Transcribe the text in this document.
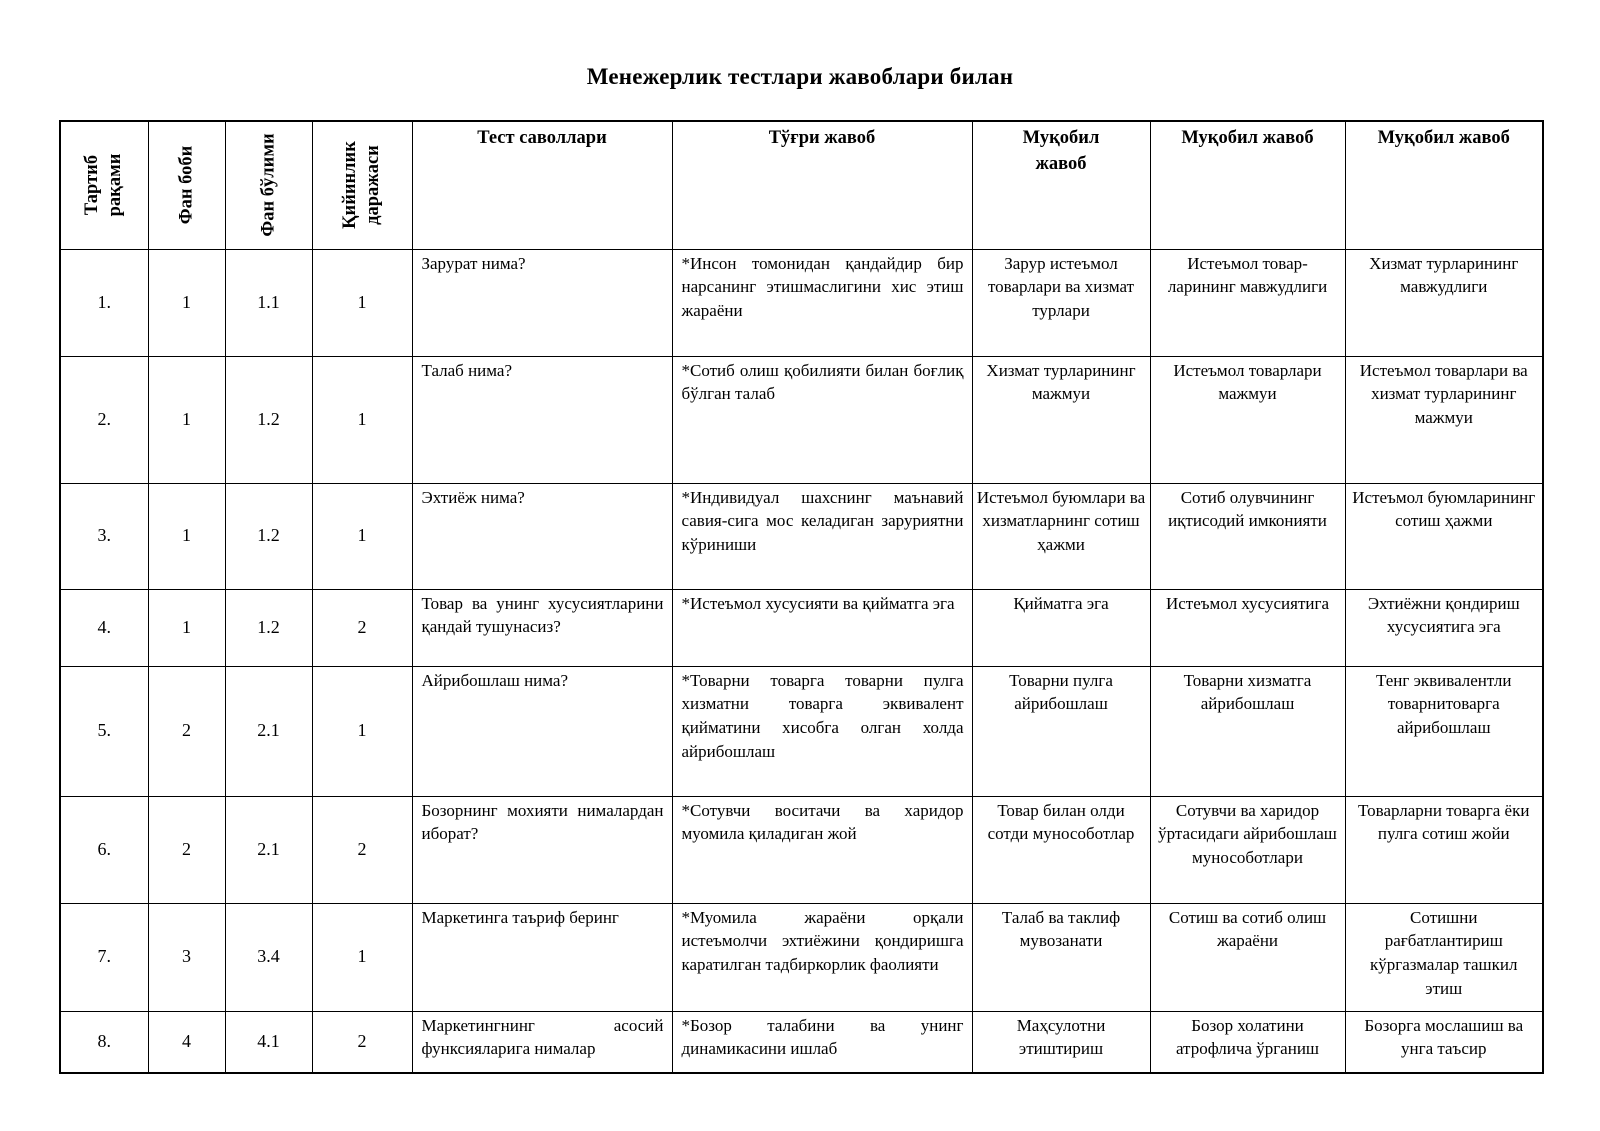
Менежерлик тестлари жавоблари билан
Тартиб рақами	Фан боби	Фан бўлими	Қийинлик даражаси	Тест саволлари	Тўғри жавоб	Муқобил жавоб	Муқобил жавоб	Муқобил жавоб
1.	1	1.1	1	Зарурат нима?	*Инсон томонидан қандайдир бир нарсанинг этишмаслигини хис этиш жараёни	Зарур истеъмол товарлари ва хизмат турлари	Истеъмол товар-ларининг мавжудлиги	Хизмат турларининг мавжудлиги
2.	1	1.2	1	Талаб нима?	*Сотиб олиш қобилияти билан боғлиқ бўлган талаб	Хизмат турларининг мажмуи	Истеъмол товарлари мажмуи	Истеъмол товарлари ва хизмат турларининг мажмуи
3.	1	1.2	1	Эхтиёж нима?	*Индивидуал шахснинг маънавий савия-сига мос келадиган заруриятни кўриниши	Истеъмол буюмлари ва хизматларнинг сотиш ҳажми	Сотиб олувчининг иқтисодий имконияти	Истеъмол буюмларининг сотиш ҳажми
4.	1	1.2	2	Товар ва унинг хусусиятларини қандай тушунасиз?	*Истеъмол хусусияти ва қийматга эга	Қийматга эга	Истеъмол хусусиятига	Эхтиёжни қондириш хусусиятига эга
5.	2	2.1	1	Айрибошлаш нима?	*Товарни товарга товарни пулга хизматни товарга эквивалент қийматини хисобга олган холда айрибошлаш	Товарни пулга айрибошлаш	Товарни хизматга айрибошлаш	Тенг эквивалентли товарнитоварга айрибошлаш
6.	2	2.1	2	Бозорнинг мохияти нималардан иборат?	*Сотувчи воситачи ва харидор муомила қиладиган жой	Товар билан олди сотди мунособотлар	Сотувчи ва харидор ўртасидаги айрибошлаш мунособотлари	Товарларни товарга ёки пулга сотиш жойи
7.	3	3.4	1	Маркетинга таъриф беринг	*Муомила жараёни орқали истеъмолчи эхтиёжини қондиришга каратилган тадбиркорлик фаолияти	Талаб ва таклиф мувозанати	Сотиш ва сотиб олиш жараёни	Сотишни рағбатлантириш кўргазмалар ташкил этиш
8.	4	4.1	2	Маркетингнинг асосий функсияларига нималар	*Бозор талабини ва унинг динамикасини ишлаб	Маҳсулотни этиштириш	Бозор холатини атрофлича ўрганиш	Бозорга мослашиш ва унга таъсир
